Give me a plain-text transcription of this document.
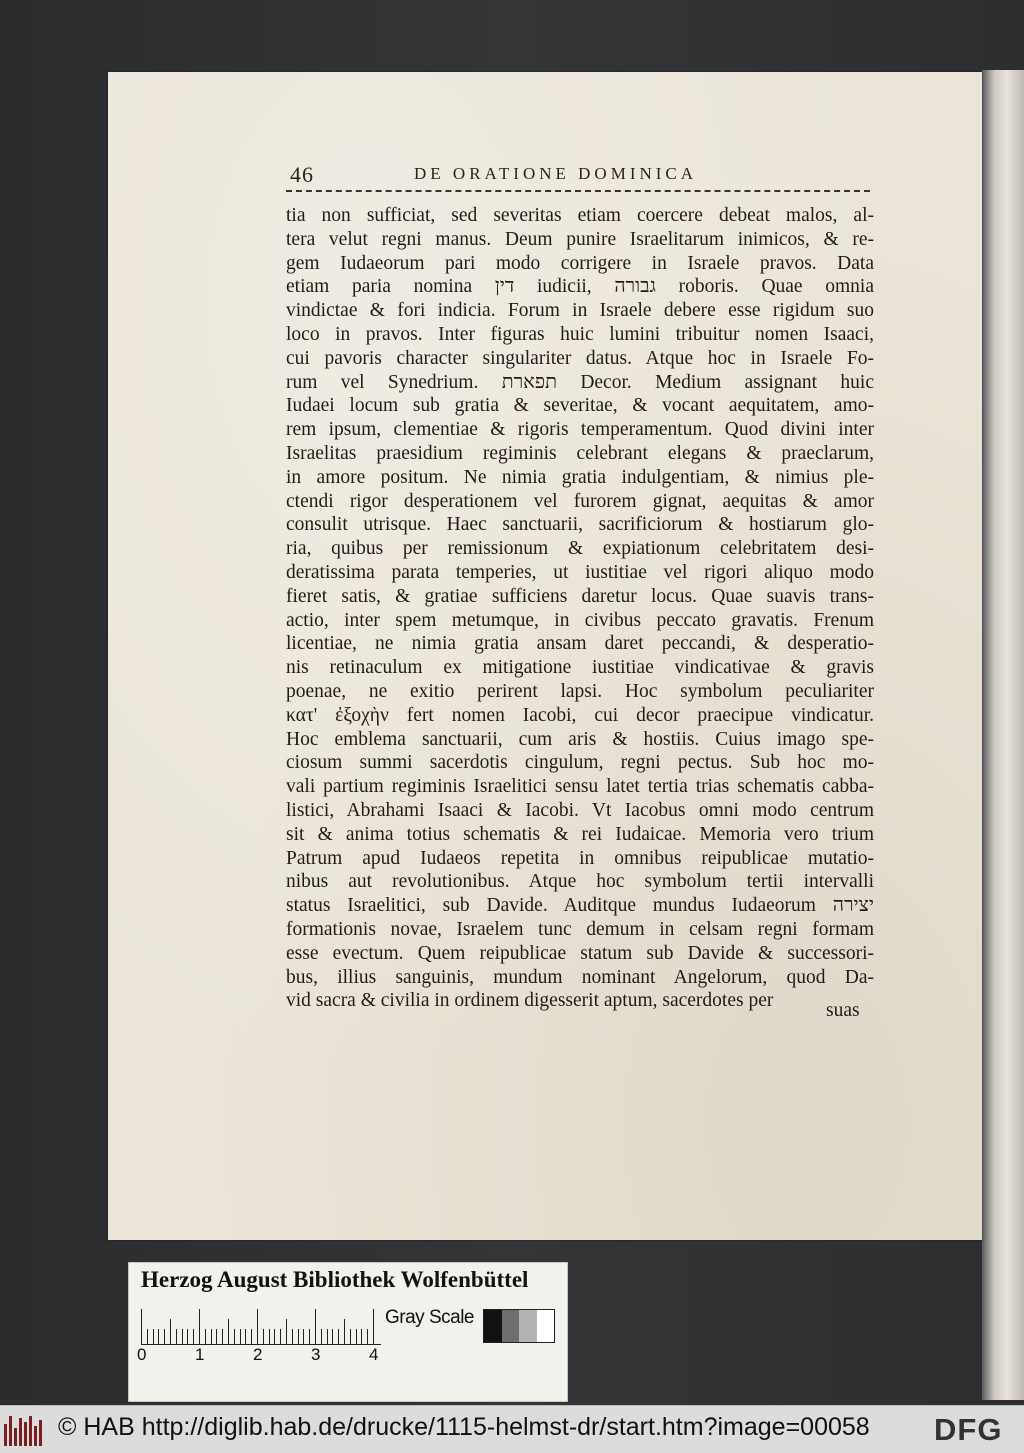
46	DE ORATIONE DOMINICA
tia non sufficiat, sed severitas etiam coercere debeat malos, al-
tera velut regni manus. Deum punire Israelitarum inimicos, & re-
gem Iudaeorum pari modo corrigere in Israele pravos. Data
etiam paria nomina דין iudicii, גבורה roboris. Quae omnia
vindictae & fori indicia. Forum in Israele debere esse rigidum suo
loco in pravos. Inter figuras huic lumini tribuitur nomen Isaaci,
cui pavoris character singulariter datus. Atque hoc in Israele Fo-
rum vel Synedrium. תפארת Decor. Medium assignant huic
Iudaei locum sub gratia & severitae, & vocant aequitatem, amo-
rem ipsum, clementiae & rigoris temperamentum. Quod divini inter
Israelitas praesidium regiminis celebrant elegans & praeclarum,
in amore positum. Ne nimia gratia indulgentiam, & nimius ple-
ctendi rigor desperationem vel furorem gignat, aequitas & amor
consulit utrisque. Haec sanctuarii, sacrificiorum & hostiarum glo-
ria, quibus per remissionum & expiationum celebritatem desi-
deratissima parata temperies, ut iustitiae vel rigori aliquo modo
fieret satis, & gratiae sufficiens daretur locus. Quae suavis trans-
actio, inter spem metumque, in civibus peccato gravatis. Frenum
licentiae, ne nimia gratia ansam daret peccandi, & desperatio-
nis retinaculum ex mitigatione iustitiae vindicativae & gravis
poenae, ne exitio perirent lapsi. Hoc symbolum peculiariter
κατ' ἐξοχὴν fert nomen Iacobi, cui decor praecipue vindicatur.
Hoc emblema sanctuarii, cum aris & hostiis. Cuius imago spe-
ciosum summi sacerdotis cingulum, regni pectus. Sub hoc mo-
vali partium regiminis Israelitici sensu latet tertia trias schematis cabba-
listici, Abrahami Isaaci & Iacobi. Vt Iacobus omni modo centrum
sit & anima totius schematis & rei Iudaicae. Memoria vero trium
Patrum apud Iudaeos repetita in omnibus reipublicae mutatio-
nibus aut revolutionibus. Atque hoc symbolum tertii intervalli
status Israelitici, sub Davide. Auditque mundus Iudaeorum יצירה
formationis novae, Israelem tunc demum in celsam regni formam
esse evectum. Quem reipublicae statum sub Davide & successori-
bus, illius sanguinis, mundum nominant Angelorum, quod Da-
vid sacra & civilia in ordinem digesserit aptum, sacerdotes per	suas
Herzog August Bibliothek Wolfenbüttel
0	1	2	3	4
Gray Scale
© HAB http://diglib.hab.de/drucke/1115-helmst-dr/start.htm?image=00058 DFG
